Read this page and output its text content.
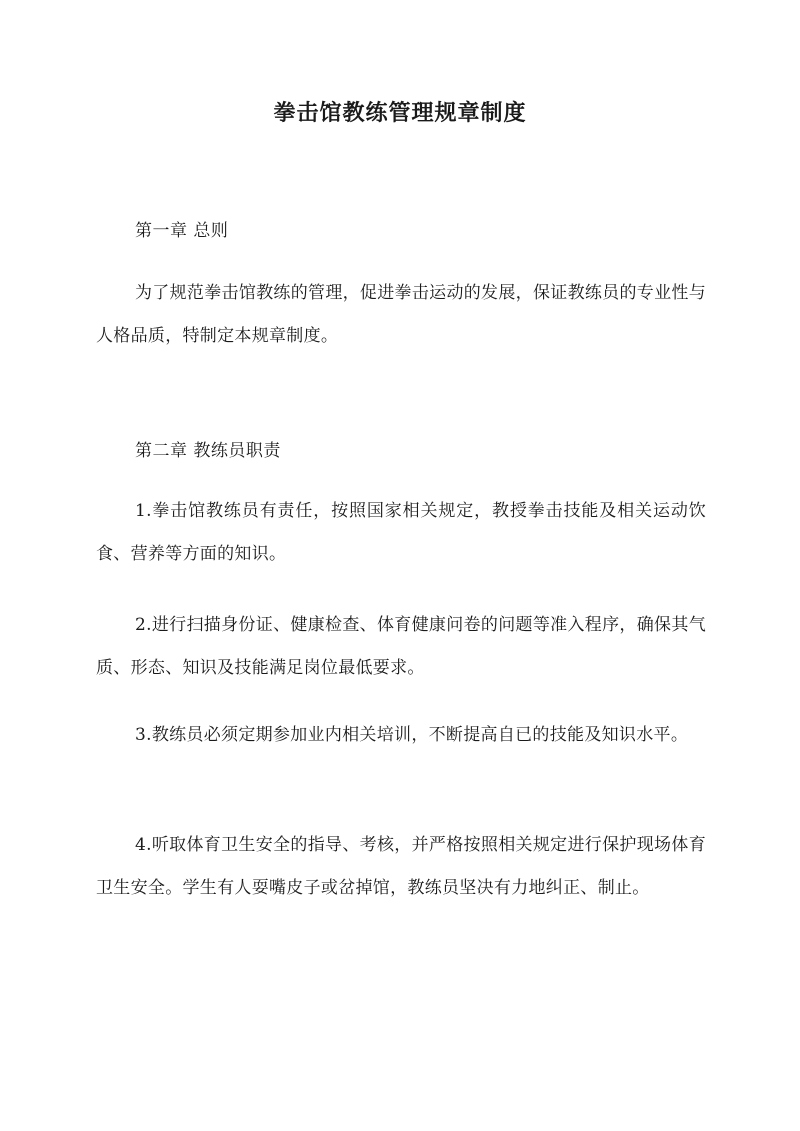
拳击馆教练管理规章制度
第一章 总则
为了规范拳击馆教练的管理，促进拳击运动的发展，保证教练员的专业性与人格品质，特制定本规章制度。
第二章 教练员职责
1.拳击馆教练员有责任，按照国家相关规定，教授拳击技能及相关运动饮食、营养等方面的知识。
2.进行扫描身份证、健康检查、体育健康问卷的问题等准入程序，确保其气质、形态、知识及技能满足岗位最低要求。
3.教练员必须定期参加业内相关培训，不断提高自已的技能及知识水平。
4.听取体育卫生安全的指导、考核，并严格按照相关规定进行保护现场体育卫生安全。学生有人耍嘴皮子或岔掉馆，教练员坚决有力地纠正、制止。
